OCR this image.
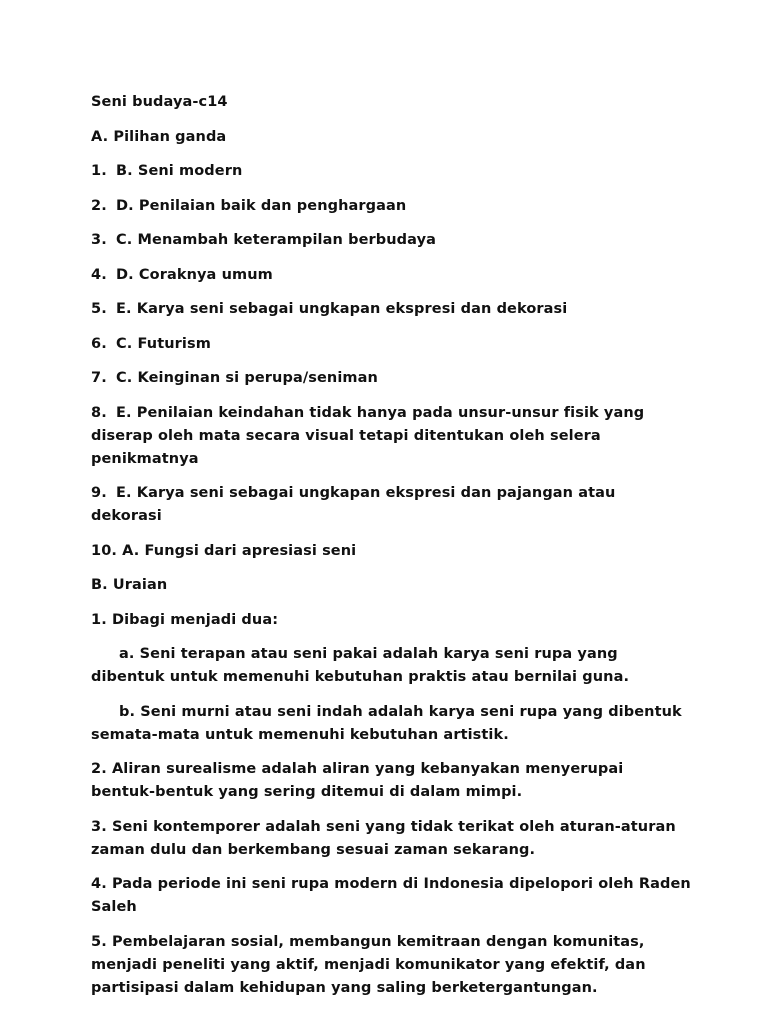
Seni budaya-c14

A. Pilihan ganda

1. B. Seni modern

2. D. Penilaian baik dan penghargaan

3. C. Menambah keterampilan berbudaya

4. D. Coraknya umum

5. E. Karya seni sebagai ungkapan ekspresi dan dekorasi

6. C. Futurism

7. C. Keinginan si perupa/seniman

8. E. Penilaian keindahan tidak hanya pada unsur-unsur fisik yang diserap oleh mata secara visual tetapi ditentukan oleh selera penikmatnya

9. E. Karya seni sebagai ungkapan ekspresi dan pajangan atau dekorasi

10. A. Fungsi dari apresiasi seni

B. Uraian

1. Dibagi menjadi dua:

a. Seni terapan atau seni pakai adalah karya seni rupa yang dibentuk untuk memenuhi kebutuhan praktis atau bernilai guna.

b. Seni murni atau seni indah adalah karya seni rupa yang dibentuk semata-mata untuk memenuhi kebutuhan artistik.

2. Aliran surealisme adalah aliran yang kebanyakan menyerupai bentuk-bentuk yang sering ditemui di dalam mimpi.

3. Seni kontemporer adalah seni yang tidak terikat oleh aturan-aturan zaman dulu dan berkembang sesuai zaman sekarang.

4. Pada periode ini seni rupa modern di Indonesia dipelopori oleh Raden Saleh

5. Pembelajaran sosial, membangun kemitraan dengan komunitas, menjadi peneliti yang aktif, menjadi komunikator yang efektif, dan partisipasi dalam kehidupan yang saling berketergantungan.
